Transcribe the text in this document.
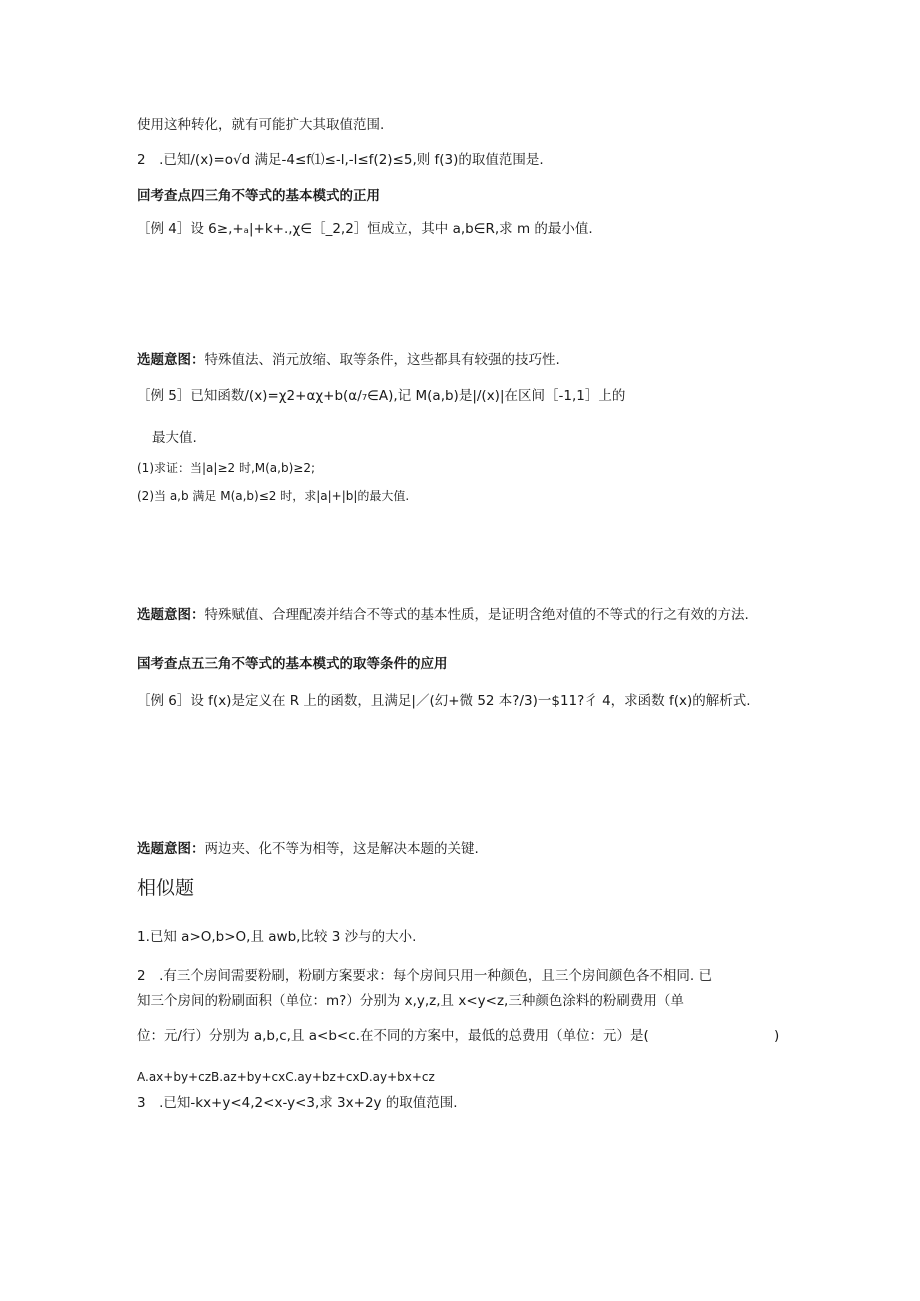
使用这种转化，就有可能扩大其取值范围.
2　.已知/(x)=o√d 满足-4≤f⑴≤-l,-l≤f(2)≤5,则 f(3)的取值范围是.
回考查点四三角不等式的基本模式的正用
［例 4］设 6≥,+ₐ|+k+.,χ∈［_2,2］恒成立，其中 a,b∈R,求 m 的最小值.
选题意图：特殊值法、消元放缩、取等条件，这些都具有较强的技巧性.
［例 5］已知函数/(x)=χ2+αχ+b(α∕₇∈A),记 M(a,b)是|/(x)|在区间［-1,1］上的
最大值.
(1)求证：当|a|≥2 时,M(a,b)≥2;
(2)当 a,b 满足 M(a,b)≤2 时，求|a|+|b|的最大值.
选题意图：特殊赋值、合理配凑并结合不等式的基本性质，是证明含绝对值的不等式的行之有效的方法.
国考查点五三角不等式的基本模式的取等条件的应用
［例 6］设 f(x)是定义在 R 上的函数，且满足|／(幻+微 52 本?/3)一$11?彳 4，求函数 f(x)的解析式.
选题意图：两边夹、化不等为相等，这是解决本题的关键.
相似题
1.已知 a>O,b>O,且 awb,比较 3 沙与的大小.
2　.有三个房间需要粉刷，粉刷方案要求：每个房间只用一种颜色，且三个房间颜色各不相同. 已
知三个房间的粉刷面积（单位：m?）分别为 x,y,z,且 x<y<z,三种颜色涂料的粉刷费用（单
位：元/行）分别为 a,b,c,且 a<b<c.在不同的方案中，最低的总费用（单位：元）是(	)
A.ax+by+czB.az+by+cxC.ay+bz+cxD.ay+bx+cz
3　.已知-kx+y<4,2<x-y<3,求 3x+2y 的取值范围.
